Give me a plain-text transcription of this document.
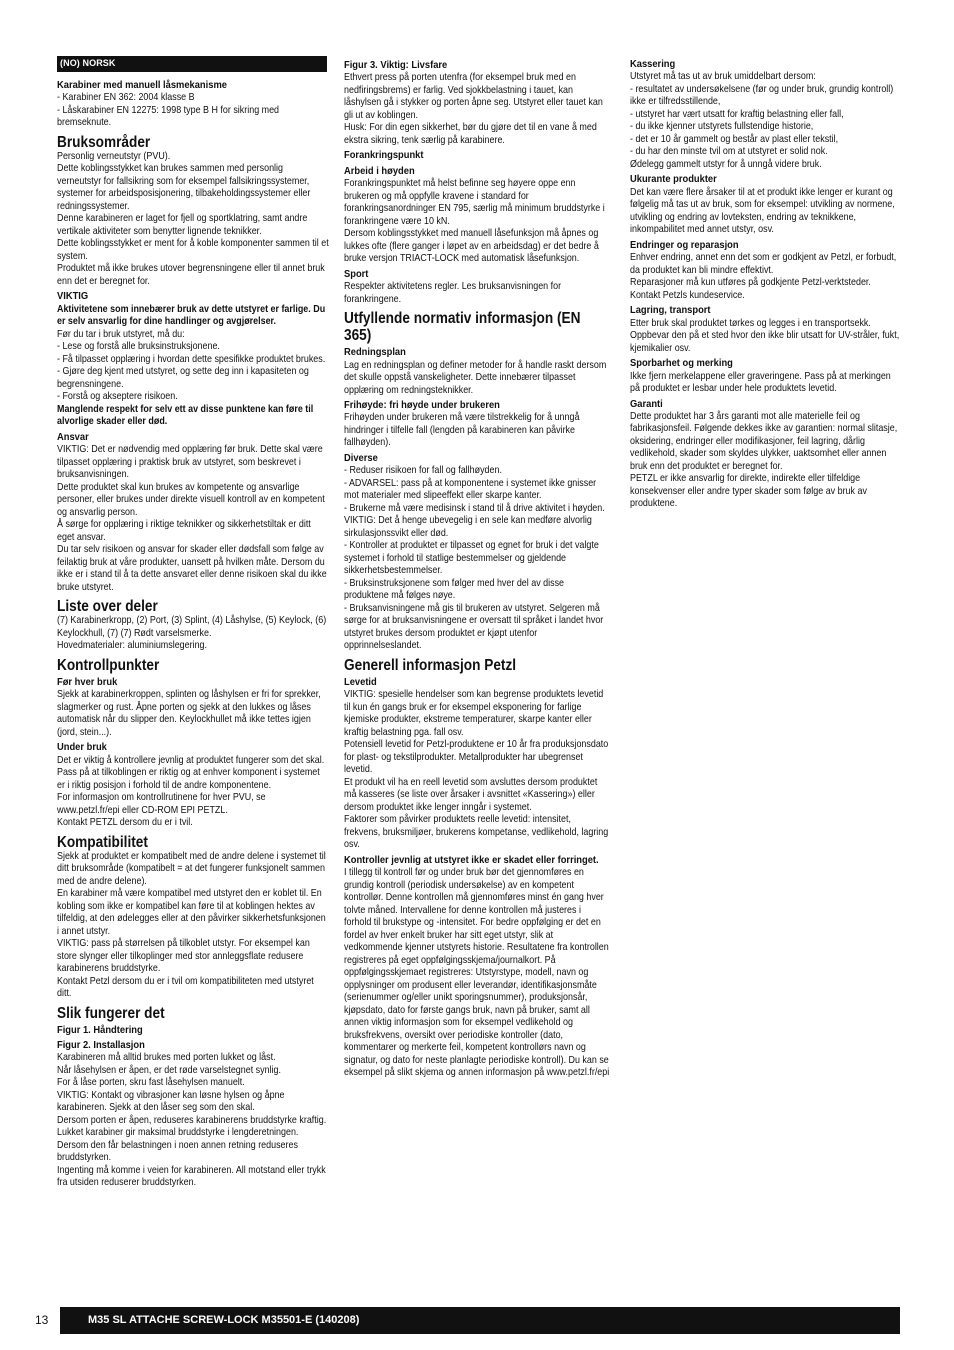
(NO) NORSK
Karabiner med manuell låsmekanisme
- Karabiner EN 362: 2004 klasse B
- Låskarabiner EN 12275: 1998 type B H for sikring med bremseknute.
Bruksområder
Personlig verneutstyr (PVU).
Dette koblingsstykket kan brukes sammen med personlig verneutstyr for fallsikring som for eksempel fallsikringssystemer, systemer for arbeidsposisjonering, tilbakeholdingssystemer eller redningssystemer.
Denne karabineren er laget for fjell og sportklatring, samt andre vertikale aktiviteter som benytter lignende teknikker.
Dette koblingsstykket er ment for å koble komponenter sammen til et system.
Produktet må ikke brukes utover begrensningene eller til annet bruk enn det er beregnet for.
VIKTIG
Aktivitetene som innebærer bruk av dette utstyret er farlige. Du er selv ansvarlig for dine handlinger og avgjørelser.
Før du tar i bruk utstyret, må du:
- Lese og forstå alle bruksinstruksjonene.
- Få tilpasset opplæring i hvordan dette spesifikke produktet brukes.
- Gjøre deg kjent med utstyret, og sette deg inn i kapasiteten og begrensningene.
- Forstå og akseptere risikoen.
Manglende respekt for selv ett av disse punktene kan føre til alvorlige skader eller død.
Ansvar
VIKTIG: Det er nødvendig med opplæring før bruk. Dette skal være tilpasset opplæring i praktisk bruk av utstyret, som beskrevet i bruksanvisningen.
Dette produktet skal kun brukes av kompetente og ansvarlige personer, eller brukes under direkte visuell kontroll av en kompetent og ansvarlig person.
Å sørge for opplæring i riktige teknikker og sikkerhetstiltak er ditt eget ansvar.
Du tar selv risikoen og ansvar for skader eller dødsfall som følge av feilaktig bruk at våre produkter, uansett på hvilken måte. Dersom du ikke er i stand til å ta dette ansvaret eller denne risikoen skal du ikke bruke utstyret.
Liste over deler
(7) Karabinerkropp, (2) Port, (3) Splint, (4) Låshylse, (5) Keylock, (6) Keylockhull, (7) (7) Rødt varselsmerke.
Hovedmaterialer: aluminiumslegering.
Kontrollpunkter
Før hver bruk
Sjekk at karabinerkroppen, splinten og låshylsen er fri for sprekker, slagmerker og rust. Åpne porten og sjekk at den lukkes og låses automatisk når du slipper den. Keylockhullet må ikke tettes igjen (jord, stein...).
Under bruk
Det er viktig å kontrollere jevnlig at produktet fungerer som det skal. Pass på at tilkoblingen er riktig og at enhver komponent i systemet er i riktig posisjon i forhold til de andre komponentene.
For informasjon om kontrollrutinene for hver PVU, se www.petzl.fr/epi eller CD-ROM EPI PETZL.
Kontakt PETZL dersom du er i tvil.
Kompatibilitet
Sjekk at produktet er kompatibelt med de andre delene i systemet til ditt bruksområde (kompatibelt = at det fungerer funksjonelt sammen med de andre delene).
En karabiner må være kompatibel med utstyret den er koblet til. En kobling som ikke er kompatibel kan føre til at koblingen hektes av tilfeldig, at den ødelegges eller at den påvirker sikkerhetsfunksjonen i annet utstyr.
VIKTIG: pass på størrelsen på tilkoblet utstyr. For eksempel kan store slynger eller tilkoplinger med stor annleggsflate redusere karabinerens bruddstyrke.
Kontakt Petzl dersom du er i tvil om kompatibiliteten med utstyret ditt.
Slik fungerer det
Figur 1. Håndtering
Figur 2. Installasjon
Karabineren må alltid brukes med porten lukket og låst.
Når låsehylsen er åpen, er det røde varselstegnet synlig.
For å låse porten, skru fast låsehylsen manuelt.
VIKTIG: Kontakt og vibrasjoner kan løsne hylsen og åpne karabineren. Sjekk at den låser seg som den skal.
Dersom porten er åpen, reduseres karabinerens bruddstyrke kraftig.
Lukket karabiner gir maksimal bruddstyrke i lengderetningen. Dersom den får belastningen i noen annen retning reduseres bruddstyrken.
Ingenting må komme i veien for karabineren. All motstand eller trykk fra utsiden reduserer bruddstyrken.
Figur 3. Viktig: Livsfare
Ethvert press på porten utenfra (for eksempel bruk med en nedfiringsbrems) er farlig. Ved sjokkbelastning i tauet, kan låshylsen gå i stykker og porten åpne seg. Utstyret eller tauet kan gli ut av koblingen.
Husk: For din egen sikkerhet, bør du gjøre det til en vane å med ekstra sikring, tenk særlig på karabinere.
Forankringspunkt
Arbeid i høyden
Forankringspunktet må helst befinne seg høyere oppe enn brukeren og må oppfylle kravene i standard for forankringsanordninger EN 795, særlig må minimum bruddstyrke i forankringene være 10 kN.
Dersom koblingsstykket med manuell låsefunksjon må åpnes og lukkes ofte (flere ganger i løpet av en arbeidsdag) er det bedre å bruke versjon TRIACT-LOCK med automatisk låsefunksjon.
Sport
Respekter aktivitetens regler. Les bruksanvisningen for forankringene.
Utfyllende normativ informasjon (EN 365)
Redningsplan
Lag en redningsplan og definer metoder for å handle raskt dersom det skulle oppstå vanskeligheter. Dette innebærer tilpasset opplæring om redningsteknikker.
Frihøyde: fri høyde under brukeren
Frihøyden under brukeren må være tilstrekkelig for å unngå hindringer i tilfelle fall (lengden på karabineren kan påvirke fallhøyden).
Diverse
- Reduser risikoen for fall og fallhøyden.
- ADVARSEL: pass på at komponentene i systemet ikke gnisser mot materialer med slipeeffekt eller skarpe kanter.
- Brukerne må være medisinsk i stand til å drive aktivitet i høyden. VIKTIG: Det å henge ubevegelig i en sele kan medføre alvorlig sirkulasjonssvikt eller død.
- Kontroller at produktet er tilpasset og egnet for bruk i det valgte systemet i forhold til statlige bestemmelser og gjeldende sikkerhetsbestemmelser.
- Bruksinstruksjonene som følger med hver del av disse produktene må følges nøye.
- Bruksanvisningene må gis til brukeren av utstyret. Selgeren må sørge for at bruksanvisningene er oversatt til språket i landet hvor utstyret brukes dersom produktet er kjøpt utenfor opprinnelseslandet.
Generell informasjon Petzl
Levetid
VIKTIG: spesielle hendelser som kan begrense produktets levetid til kun én gangs bruk er for eksempel eksponering for farlige kjemiske produkter, ekstreme temperaturer, skarpe kanter eller kraftig belastning pga. fall osv.
Potensiell levetid for Petzl-produktene er 10 år fra produksjonsdato for plast- og tekstilprodukter. Metallprodukter har ubegrenset levetid.
Et produkt vil ha en reell levetid som avsluttes dersom produktet må kasseres (se liste over årsaker i avsnittet «Kassering») eller dersom produktet ikke lenger inngår i systemet.
Faktorer som påvirker produktets reelle levetid: intensitet, frekvens, bruksmiljøer, brukerens kompetanse, vedlikehold, lagring osv.
Kontroller jevnlig at utstyret ikke er skadet eller forringet.
I tillegg til kontroll før og under bruk bør det gjennomføres en grundig kontroll (periodisk undersøkelse) av en kompetent kontrollør. Denne kontrollen må gjennomføres minst én gang hver tolvte måned. Intervallene for denne kontrollen må justeres i forhold til brukstype og -intensitet. For bedre oppfølging er det en fordel av hver enkelt bruker har sitt eget utstyr, slik at vedkommende kjenner utstyrets historie. Resultatene fra kontrollen registreres på eget oppfølgingsskjema/journalkort. På oppfølgingsskjemaet registreres: Utstyrstype, modell, navn og opplysninger om produsent eller leverandør, identifikasjonsmåte (serienummer og/eller unikt sporingsnummer), produksjonsår, kjøpsdato, dato for første gangs bruk, navn på bruker, samt all annen viktig informasjon som for eksempel vedlikehold og bruksfrekvens, oversikt over periodiske kontroller (dato, kommentarer og merkerte feil, kompetent kontrollørs navn og signatur, og dato for neste planlagte periodiske kontroll). Du kan se eksempel på slikt skjema og annen informasjon på www.petzl.fr/epi
Kassering
Utstyret må tas ut av bruk umiddelbart dersom:
- resultatet av undersøkelsene (før og under bruk, grundig kontroll) ikke er tilfredsstillende,
- utstyret har vært utsatt for kraftig belastning eller fall,
- du ikke kjenner utstyrets fullstendige historie,
- det er 10 år gammelt og består av plast eller tekstil,
- du har den minste tvil om at utstyret er solid nok.
Ødelegg gammelt utstyr for å unngå videre bruk.
Ukurante produkter
Det kan være flere årsaker til at et produkt ikke lenger er kurant og følgelig må tas ut av bruk, som for eksempel: utvikling av normene, utvikling og endring av lovteksten, endring av teknikkene, inkompabilitet med annet utstyr, osv.
Endringer og reparasjon
Enhver endring, annet enn det som er godkjent av Petzl, er forbudt, da produktet kan bli mindre effektivt.
Reparasjoner må kun utføres på godkjente Petzl-verktsteder. Kontakt Petzls kundeservice.
Lagring, transport
Etter bruk skal produktet tørkes og legges i en transportsekk. Oppbevar den på et sted hvor den ikke blir utsatt for UV-stråler, fukt, kjemikalier osv.
Sporbarhet og merking
Ikke fjern merkelappene eller graveringene. Pass på at merkingen på produktet er lesbar under hele produktets levetid.
Garanti
Dette produktet har 3 års garanti mot alle materielle feil og fabrikasjonsfeil. Følgende dekkes ikke av garantien: normal slitasje, oksidering, endringer eller modifikasjoner, feil lagring, dårlig vedlikehold, skader som skyldes ulykker, uaktsomhet eller annen bruk enn det produktet er beregnet for.
PETZL er ikke ansvarlig for direkte, indirekte eller tilfeldige konsekvenser eller andre typer skader som følge av bruk av produktene.
13	M35 SL ATTACHE SCREW-LOCK M35501-E (140208)
